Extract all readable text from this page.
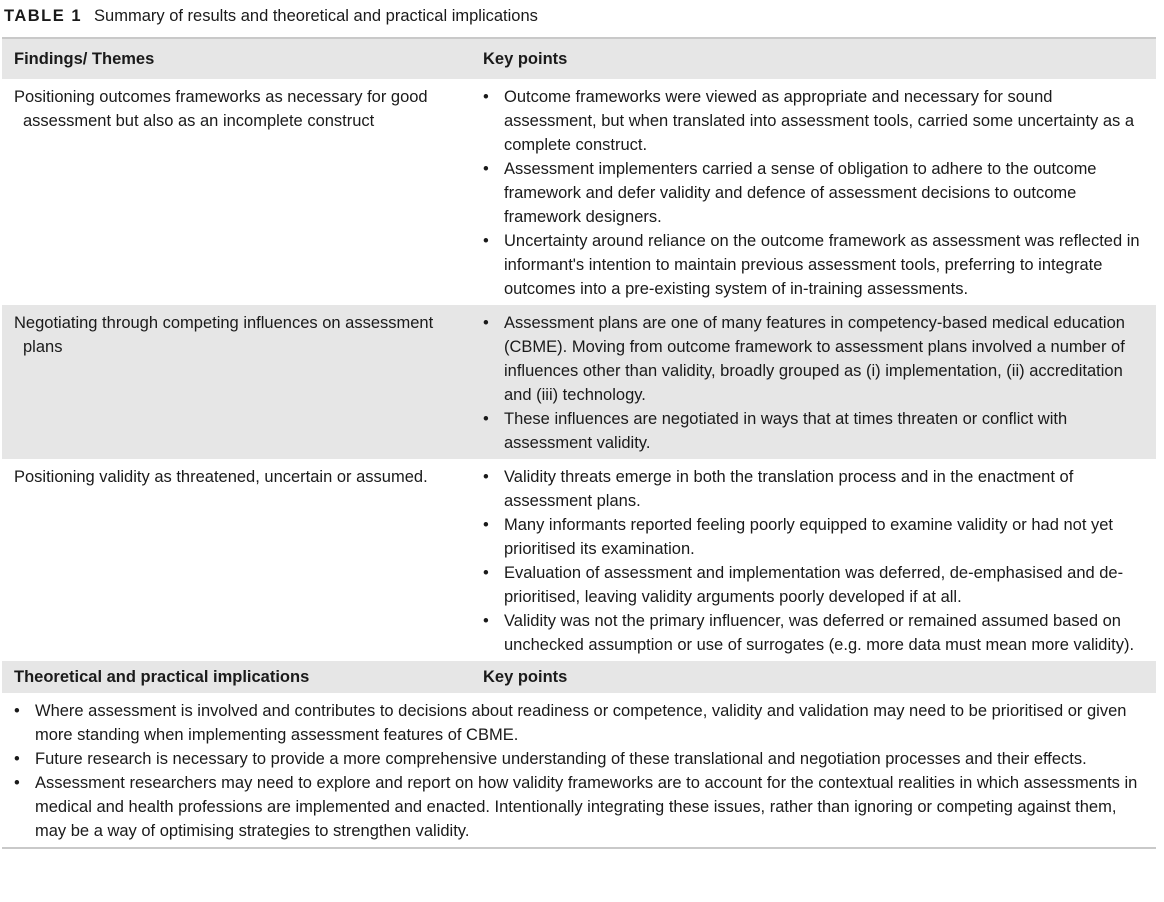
TABLE 1 Summary of results and theoretical and practical implications
Findings/ Themes	Key points
Positioning outcomes frameworks as necessary for good assessment but also as an incomplete construct
• Outcome frameworks were viewed as appropriate and necessary for sound assessment, but when translated into assessment tools, carried some uncertainty as a complete construct.
• Assessment implementers carried a sense of obligation to adhere to the outcome framework and defer validity and defence of assessment decisions to outcome framework designers.
• Uncertainty around reliance on the outcome framework as assessment was reflected in informant's intention to maintain previous assessment tools, preferring to integrate outcomes into a pre-existing system of in-training assessments.
Negotiating through competing influences on assessment plans
• Assessment plans are one of many features in competency-based medical education (CBME). Moving from outcome framework to assessment plans involved a number of influences other than validity, broadly grouped as (i) implementation, (ii) accreditation and (iii) technology.
• These influences are negotiated in ways that at times threaten or conflict with assessment validity.
Positioning validity as threatened, uncertain or assumed.	• Validity threats emerge in both the translation process and in the enactment of assessment plans.
• Many informants reported feeling poorly equipped to examine validity or had not yet prioritised its examination.
• Evaluation of assessment and implementation was deferred, de-emphasised and de-prioritised, leaving validity arguments poorly developed if at all.
• Validity was not the primary influencer, was deferred or remained assumed based on unchecked assumption or use of surrogates (e.g. more data must mean more validity).
Theoretical and practical implications	Key points
• Where assessment is involved and contributes to decisions about readiness or competence, validity and validation may need to be prioritised or given more standing when implementing assessment features of CBME.
• Future research is necessary to provide a more comprehensive understanding of these translational and negotiation processes and their effects.
• Assessment researchers may need to explore and report on how validity frameworks are to account for the contextual realities in which assessments in medical and health professions are implemented and enacted. Intentionally integrating these issues, rather than ignoring or competing against them, may be a way of optimising strategies to strengthen validity.
